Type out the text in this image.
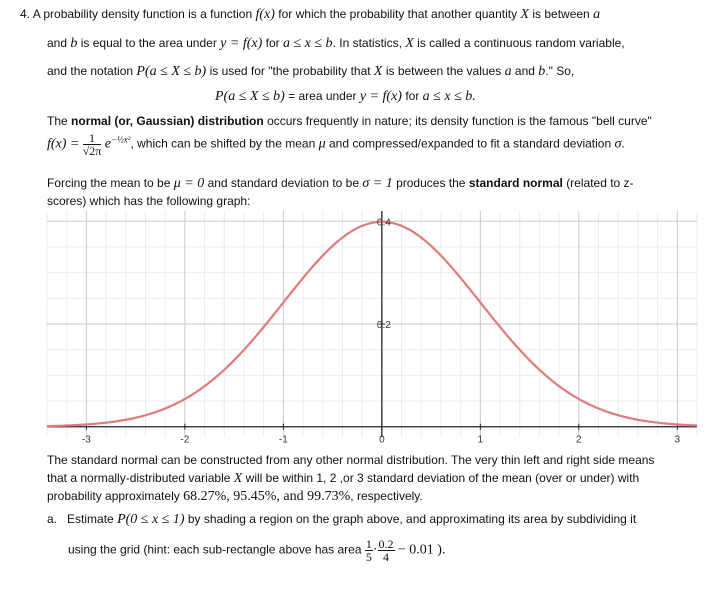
4. A probability density function is a function f(x) for which the probability that another quantity X is between a
and b is equal to the area under y = f(x) for a ≤ x ≤ b. In statistics, X is called a continuous random variable,
and the notation P(a ≤ X ≤ b) is used for "the probability that X is between the values a and b." So,
P(a ≤ X ≤ b) = area under y = f(x) for a ≤ x ≤ b.
The normal (or, Gaussian) distribution occurs frequently in nature; its density function is the famous "bell curve"
$f(x) = \frac{1}{√2\pi} e^{-\frac{1}{2}x^2}$, which can be shifted by the mean μ and compressed/expanded to fit a standard deviation σ.
Forcing the mean to be μ = 0 and standard deviation to be σ = 1 produces the standard normal (related to z-
scores) which has the following graph:
-3	-2	-1	0	1	2	3
0.2
0.4
The standard normal can be constructed from any other normal distribution. The very thin left and right side means
that a normally-distributed variable X will be within 1, 2 ,or 3 standard deviation of the mean (over or under) with
probability approximately 68.27%, 95.45%, and 99.73%, respectively.
a. Estimate P(0 ≤ x ≤ 1) by shading a region on the graph above, and approximating its area by subdividing it
using the grid (hint: each sub-rectangle above has area $\frac{1}{5} \cdot \frac{0.2}{4} - 0.01$ ).
